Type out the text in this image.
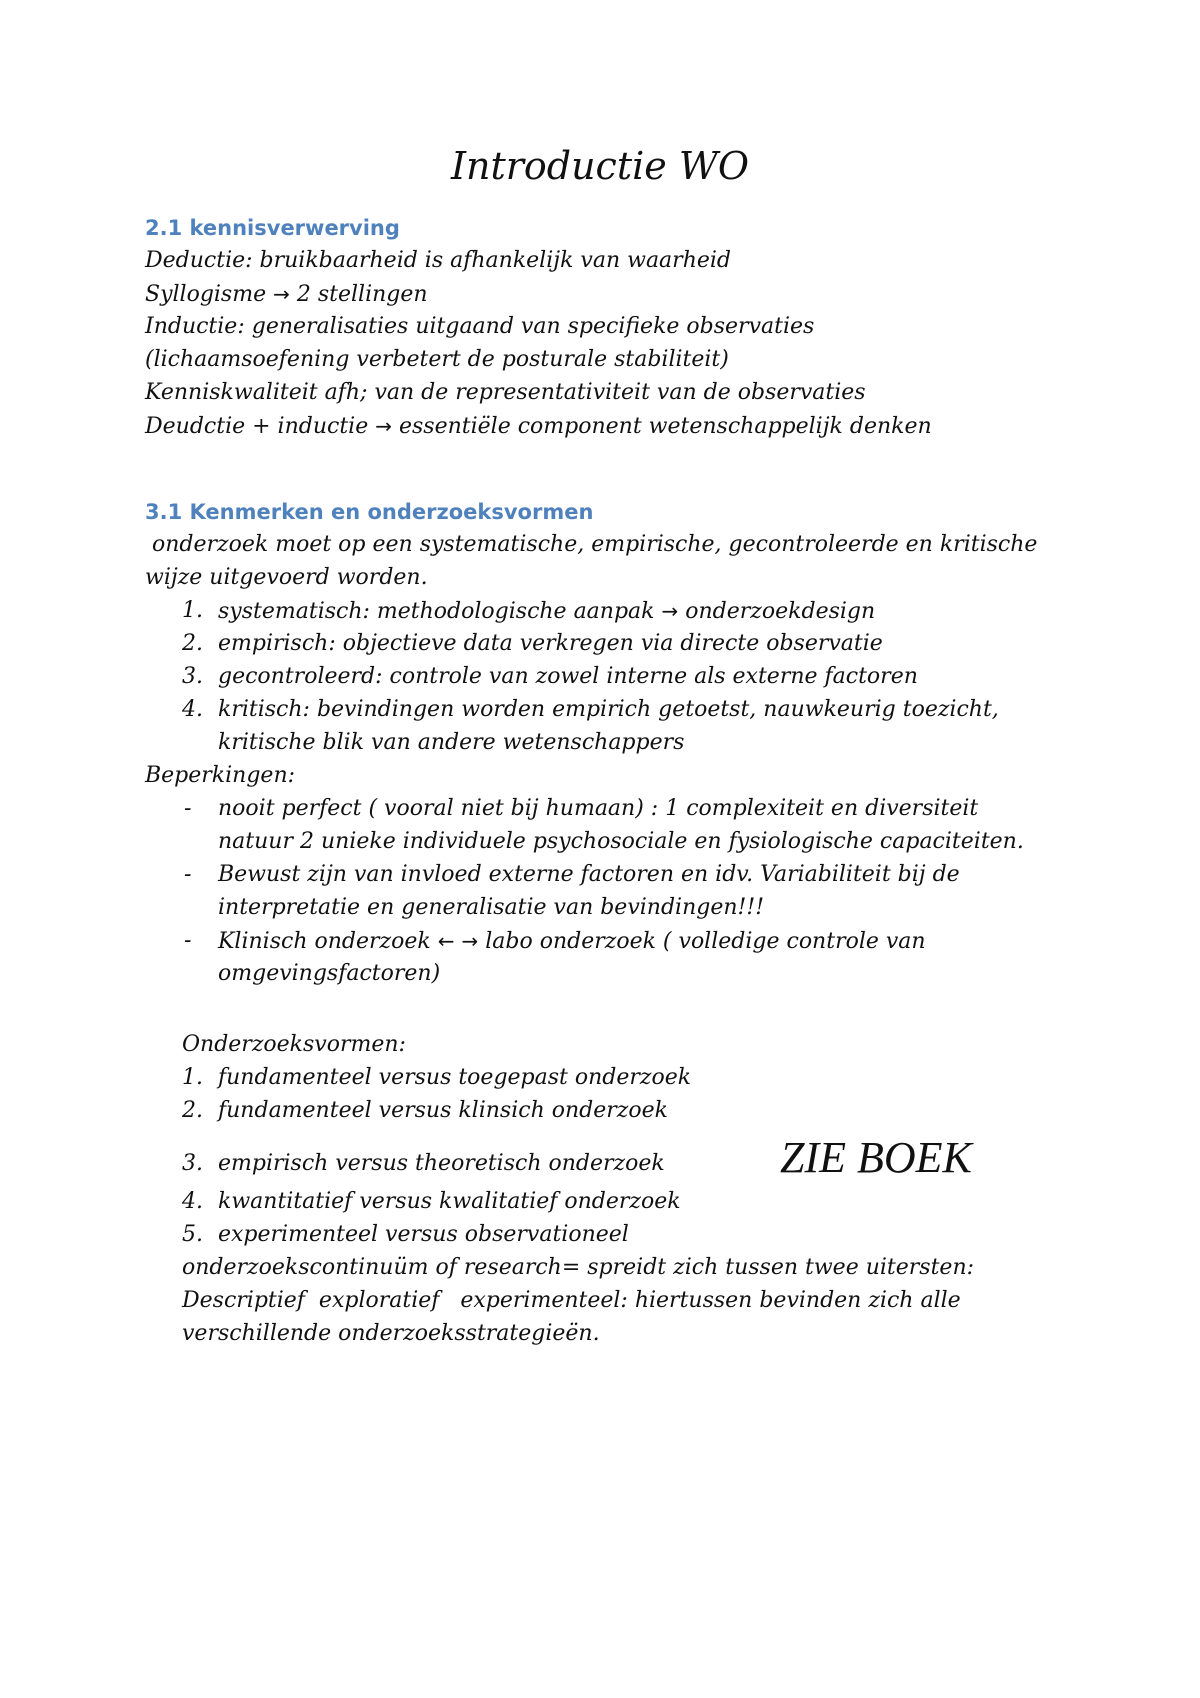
Introductie WO
2.1 kennisverwerving
Deductie: bruikbaarheid is afhankelijk van waarheid
Syllogisme → 2 stellingen
Inductie: generalisaties uitgaand van specifieke observaties
(lichaamsoefening verbetert de posturale stabiliteit)
Kenniskwaliteit afh; van de representativiteit van de observaties
Deudctie + inductie → essentiële component wetenschappelijk denken
3.1 Kenmerken en onderzoeksvormen
onderzoek moet op een systematische, empirische, gecontroleerde en kritische
wijze uitgevoerd worden.
1. systematisch: methodologische aanpak → onderzoekdesign
2. empirisch: objectieve data verkregen via directe observatie
3. gecontroleerd: controle van zowel interne als externe factoren
4. kritisch: bevindingen worden empirich getoetst, nauwkeurig toezicht,
kritische blik van andere wetenschappers
Beperkingen:
- nooit perfect ( vooral niet bij humaan) : 1 complexiteit en diversiteit
natuur 2 unieke individuele psychosociale en fysiologische capaciteiten.
- Bewust zijn van invloed externe factoren en idv. Variabiliteit bij de
interpretatie en generalisatie van bevindingen!!!
- Klinisch onderzoek ← → labo onderzoek ( volledige controle van
omgevingsfactoren)
Onderzoeksvormen:
1. fundamenteel versus toegepast onderzoek
2. fundamenteel versus klinsich onderzoek
3. empirisch versus theoretisch onderzoek	ZIE BOEK
4. kwantitatief versus kwalitatief onderzoek
5. experimenteel versus observationeel
onderzoekscontinuüm of research= spreidt zich tussen twee uitersten:
Descriptief  exploratief   experimenteel: hiertussen bevinden zich alle
verschillende onderzoeksstrategieën.
